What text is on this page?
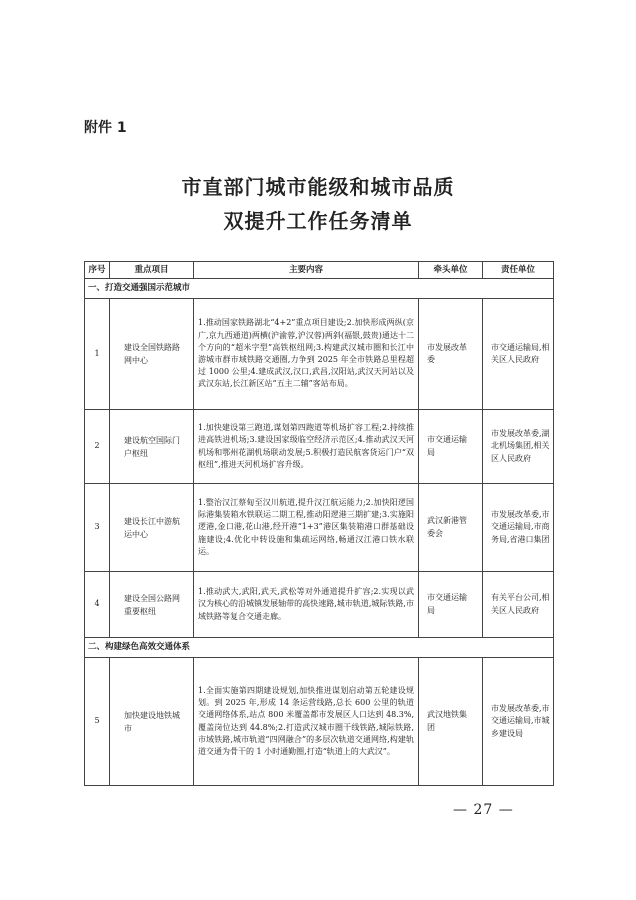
附件 1
市直部门城市能级和城市品质
双提升工作任务清单
序号	重点项目	主要内容	牵头单位	责任单位
一、打造交通强国示范城市				
1	建设全国铁路路网中心	1.推动国家铁路湖北“4+2”重点项目建设;2.加快形成两纵(京广,京九西通道)两横(沪渝蓉,沪汉蓉)两斜(福银,鼓贵)通达十二个方向的“超米字型”高铁枢纽网;3.构建武汉城市圈和长江中游城市群市域铁路交通圈,力争到 2025 年全市铁路总里程超过 1000 公里;4.建成武汉,汉口,武昌,汉阳站,武汉天河站以及武汉东站,长江新区站“五主二辅”客站布局。	市发展改革委	市交通运输局,相关区人民政府
2	建设航空国际门户枢纽	1.加快建设第三跑道,谋划第四跑道等机场扩容工程;2.持续推进高铁进机场;3.建设国家级临空经济示范区;4.推动武汉天河机场和鄂州花湖机场联动发展;5.积极打造民航客货运门户“双枢纽”,推进天河机场扩容升级。	市交通运输局	市发展改革委,湖北机场集团,相关区人民政府
3	建设长江中游航运中心	1.整治汉江蔡甸至汉川航道,提升汉江航运能力;2.加快阳逻国际港集装箱水铁联运二期工程,推动阳逻港三期扩建;3.实施阳逻港,金口港,花山港,经开港“1+3”港区集装箱港口群基础设施建设;4.优化中转设施和集疏运网络,畅通汉江港口铁水联运。	武汉新港管委会	市发展改革委,市交通运输局,市商务局,省港口集团
4	建设全国公路网重要枢纽	1.推动武大,武阳,武天,武松等对外通道提升扩容;2.实现以武汉为核心的沿城镇发展轴带的高快速路,城市轨道,城际铁路,市域铁路等复合交通走廊。	市交通运输局	有关平台公司,相关区人民政府
二、构建绿色高效交通体系				
5	加快建设地铁城市	1.全面实施第四期建设规划,加快推进谋划启动第五轮建设规划。到 2025 年,形成 14 条运营线路,总长 600 公里的轨道交通网络体系,站点 800 米覆盖都市发展区人口达到 48.3%,覆盖岗位达到 44.8%;2.打造武汉城市圈干线铁路,城际铁路,市域铁路,城市轨道“四网融合”的多层次轨道交通网络,构建轨道交通为骨干的 1 小时通勤圈,打造“轨道上的大武汉”。	武汉地铁集团	市发展改革委,市交通运输局,市城乡建设局
— 27 —
